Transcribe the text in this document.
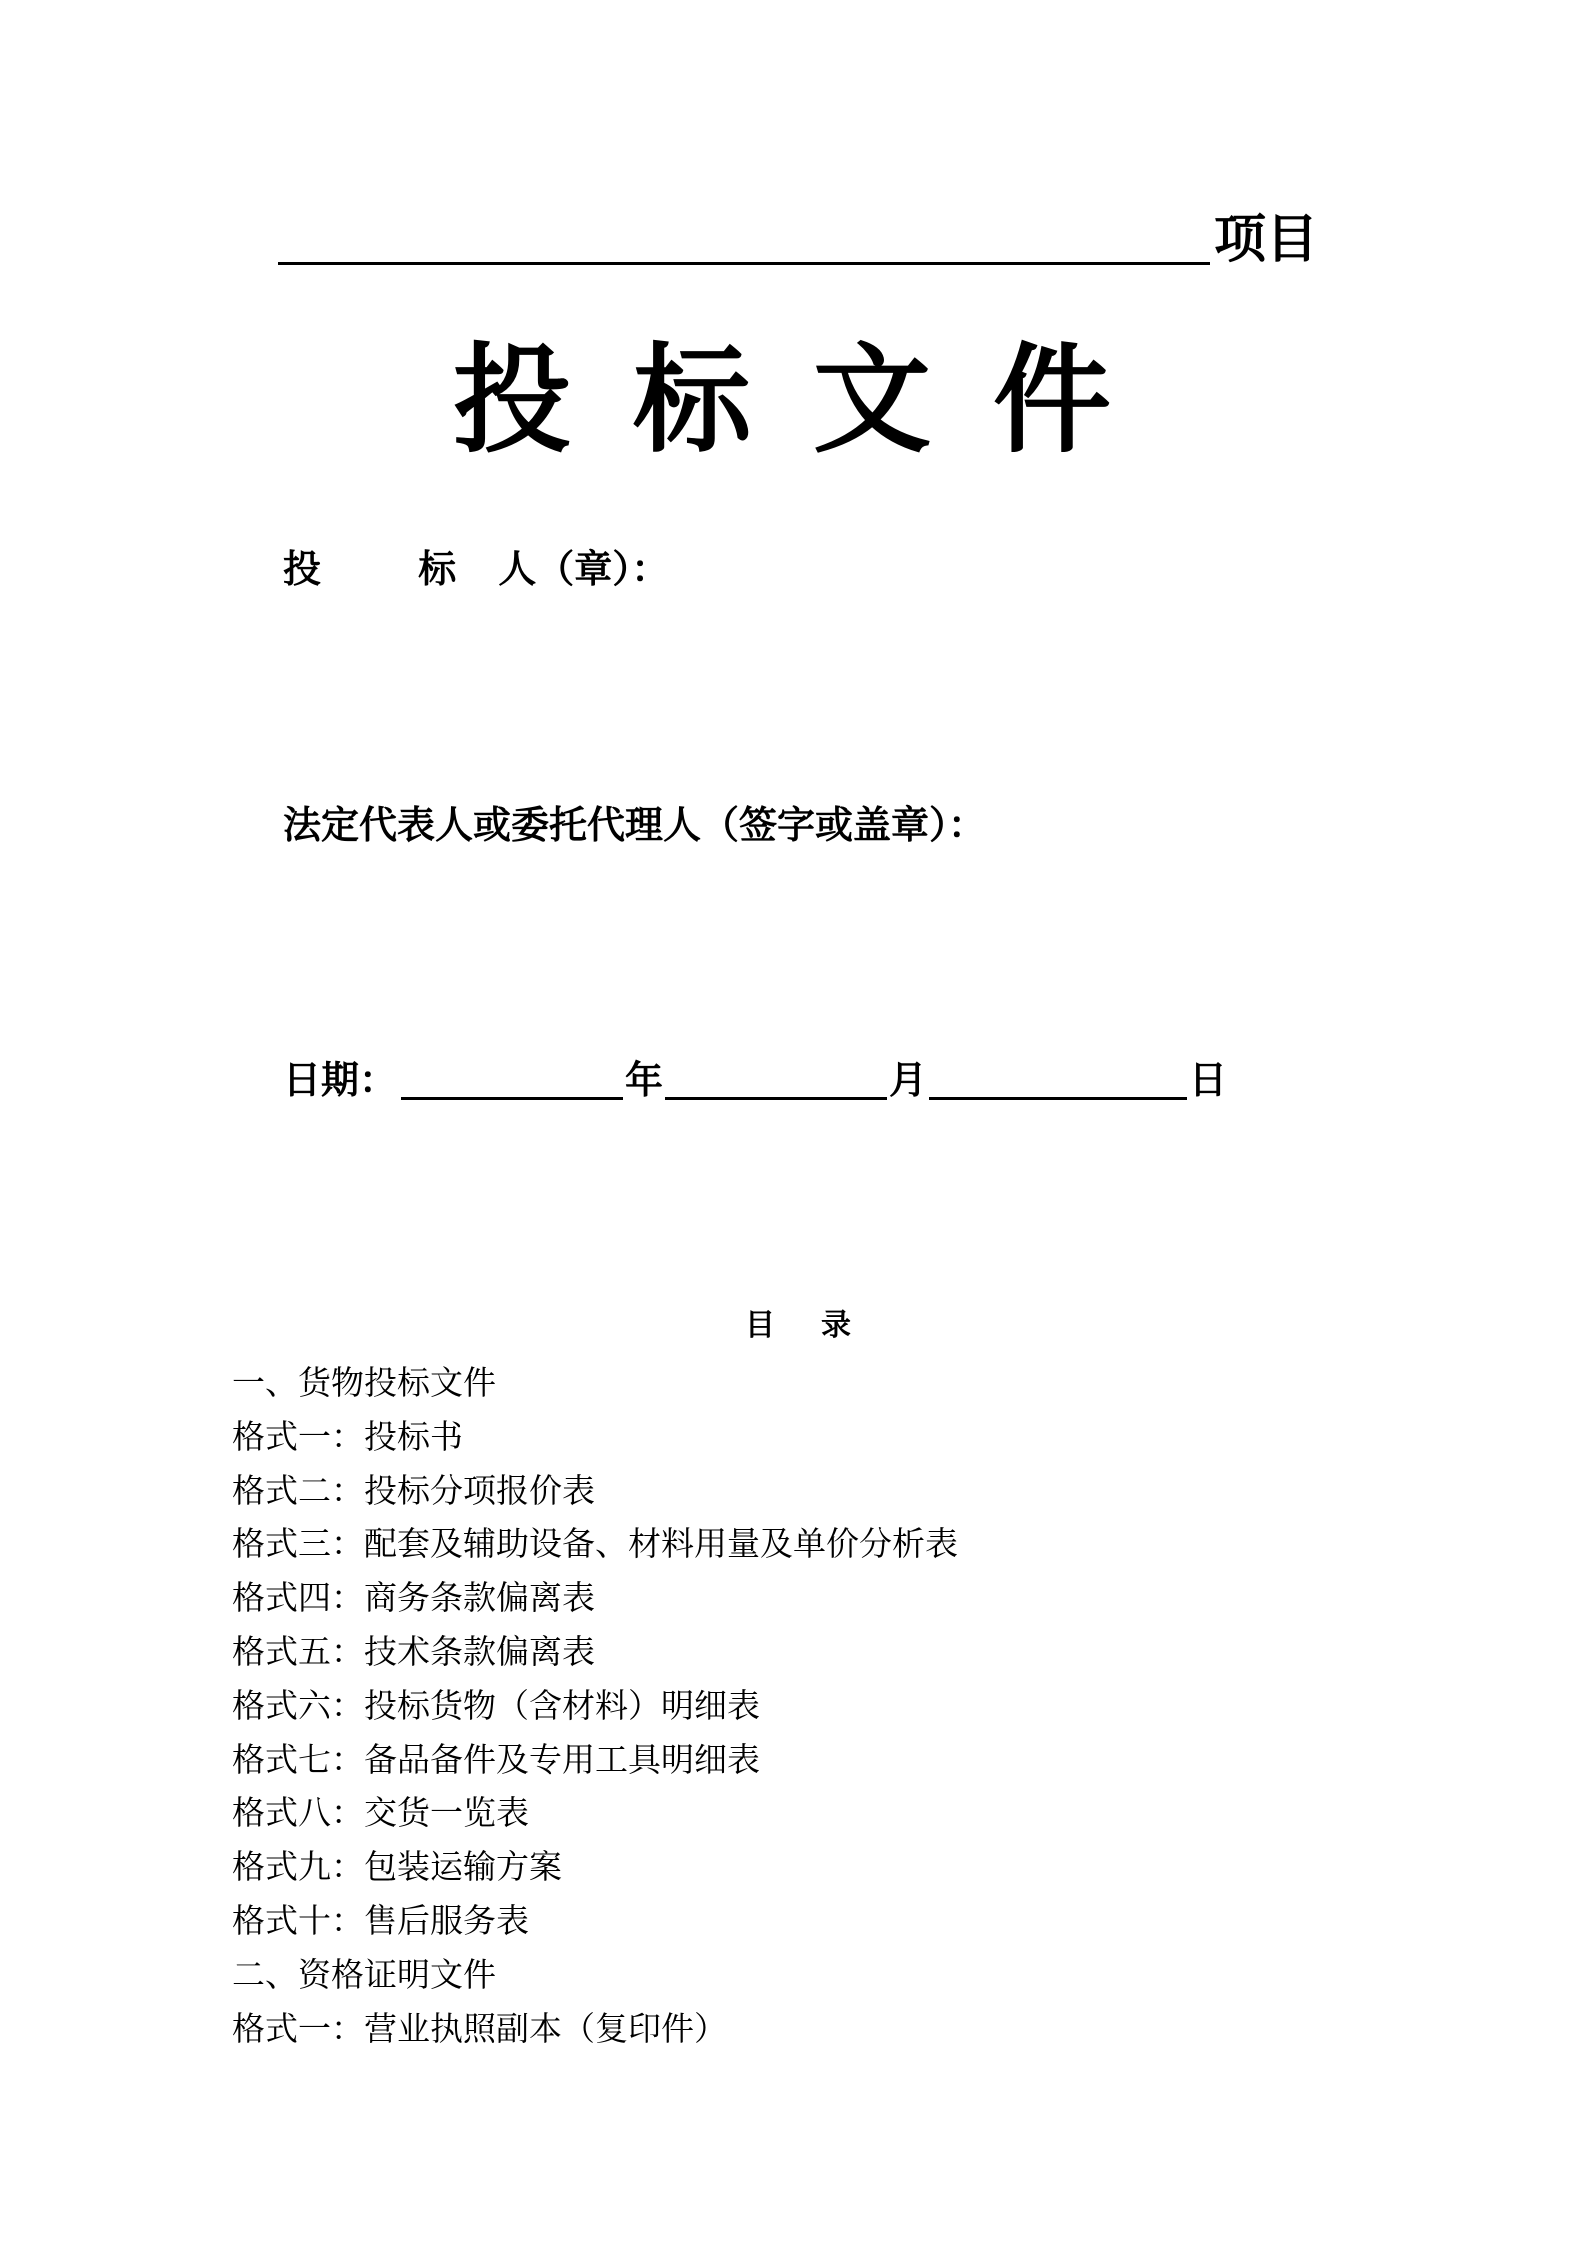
项目
投标文件
投 标人（章）：
法定代表人或委托代理人（签字或盖章）：
日期：	年	月	日
目录
一、货物投标文件
格式一：投标书
格式二：投标分项报价表
格式三：配套及辅助设备、材料用量及单价分析表
格式四：商务条款偏离表
格式五：技术条款偏离表
格式六：投标货物（含材料）明细表
格式七：备品备件及专用工具明细表
格式八：交货一览表
格式九：包装运输方案
格式十：售后服务表
二、资格证明文件
格式一：营业执照副本（复印件）
